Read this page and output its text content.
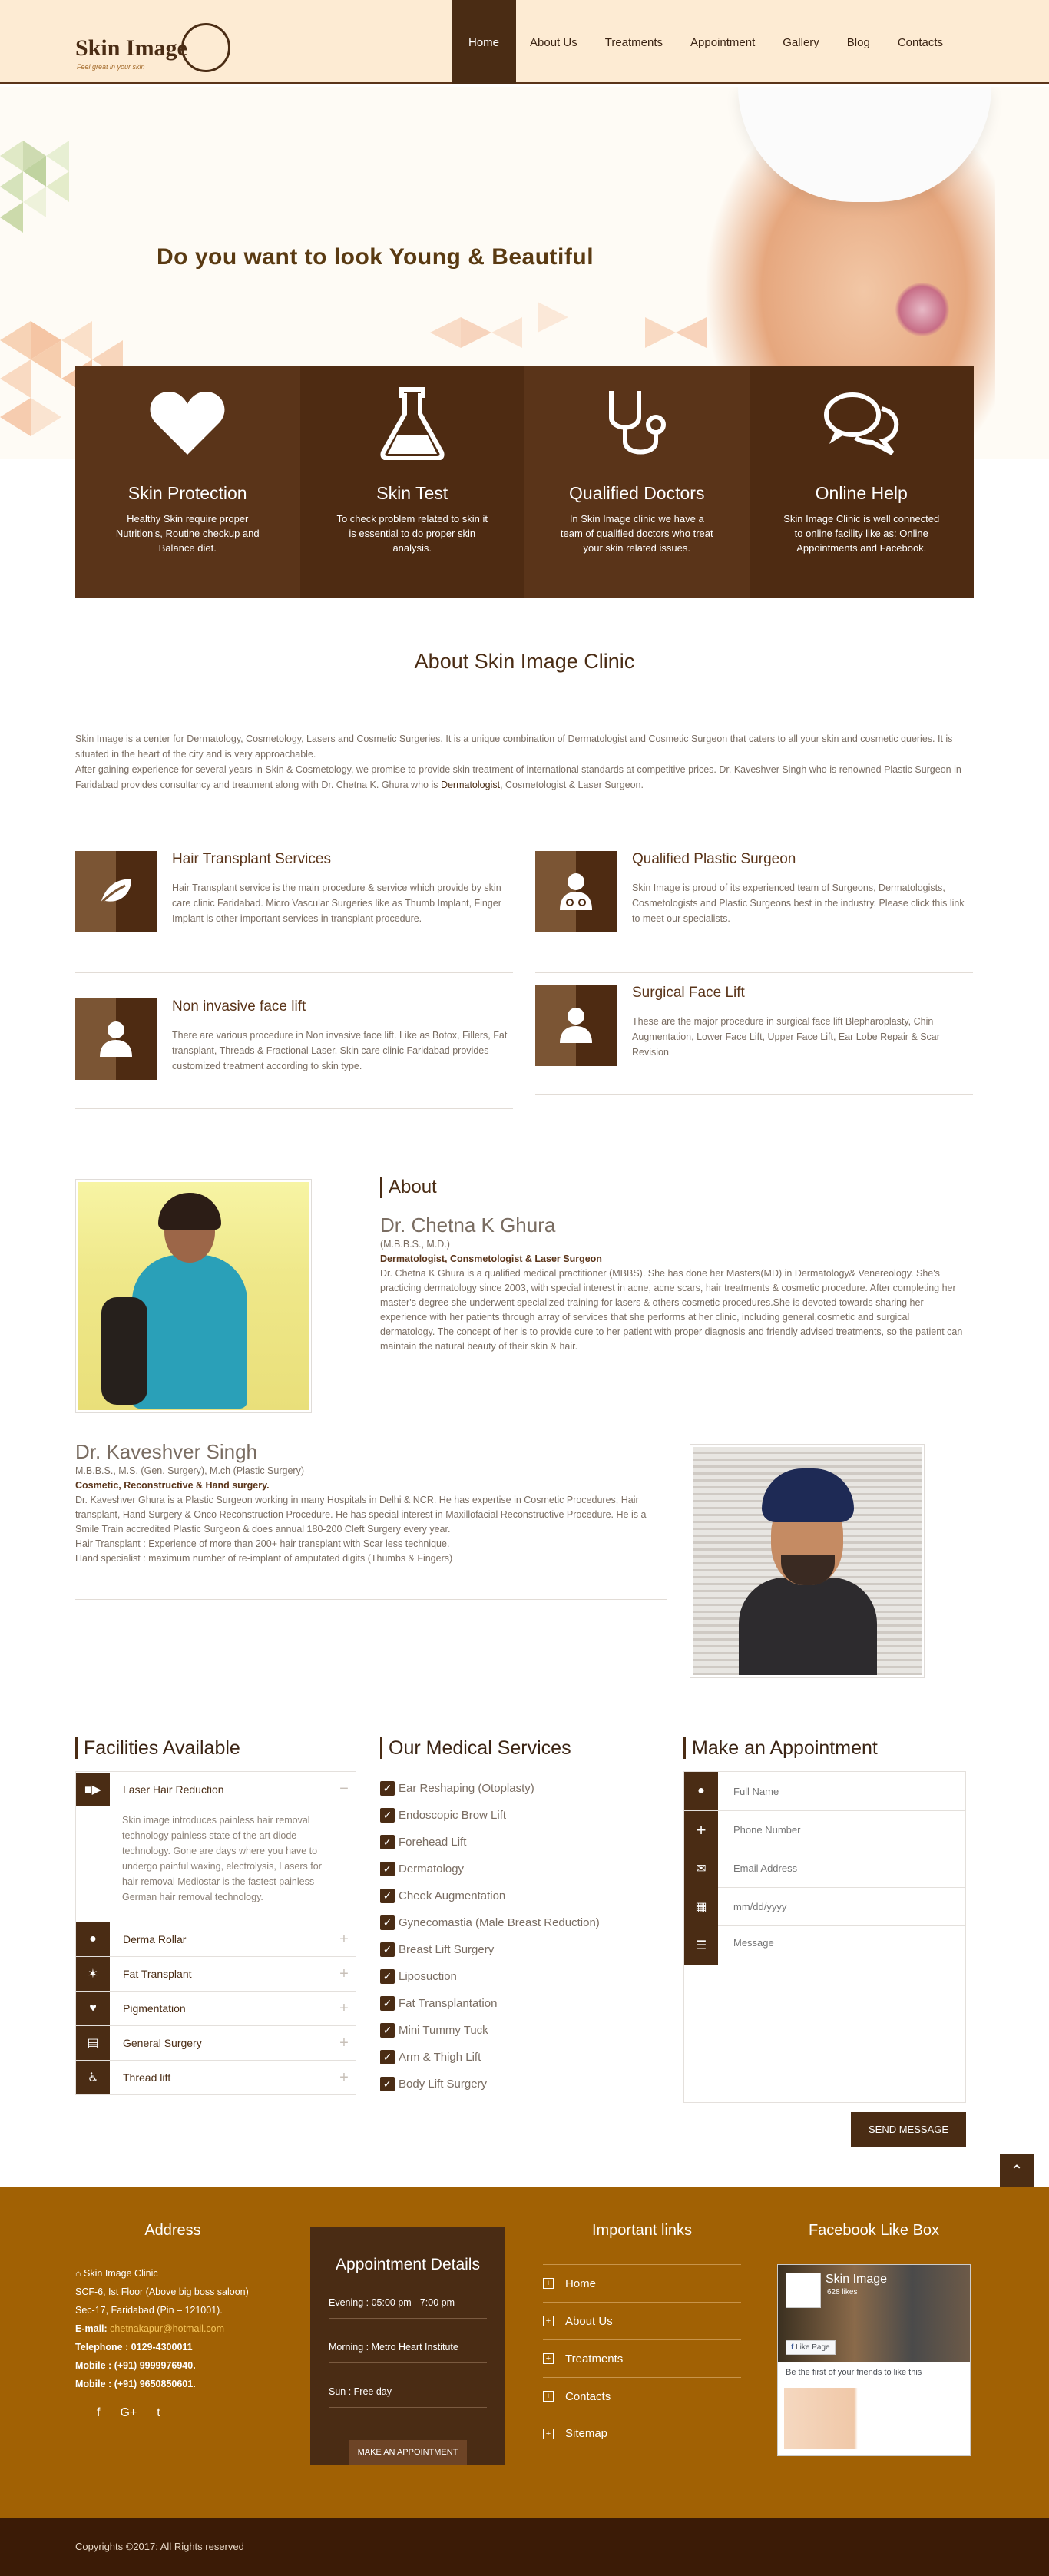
Skin Image
Feel great in your skin
Home	About Us	Treatments	Appointment	Gallery	Blog	Contacts
Do you want to look Young & Beautiful
Skin Protection

Healthy Skin require proper Nutrition's, Routine checkup and Balance diet.

Skin Test

To check problem related to skin it is essential to do proper skin analysis.

Qualified Doctors

In Skin Image clinic we have a team of qualified doctors who treat your skin related issues.

Online Help

Skin Image Clinic is well connected to online facility like as: Online Appointments and Facebook.

About Skin Image Clinic

Skin Image is a center for Dermatology, Cosmetology, Lasers and Cosmetic Surgeries. It is a unique combination of Dermatologist and Cosmetic Surgeon that caters to all your skin and cosmetic queries. It is situated in the heart of the city and is very approachable.

After gaining experience for several years in Skin & Cosmetology, we promise to provide skin treatment of international standards at competitive prices. Dr. Kaveshver Singh who is renowned Plastic Surgeon in Faridabad provides consultancy and treatment along with Dr. Chetna K. Ghura who is Dermatologist, Cosmetologist & Laser Surgeon.

Hair Transplant Services

Hair Transplant service is the main procedure & service which provide by skin care clinic Faridabad. Micro Vascular Surgeries like as Thumb Implant, Finger Implant is other important services in transplant procedure.

Qualified Plastic Surgeon

Skin Image is proud of its experienced team of Surgeons, Dermatologists, Cosmetologists and Plastic Surgeons best in the industry. Please click this link to meet our specialists.

Non invasive face lift

There are various procedure in Non invasive face lift. Like as Botox, Fillers, Fat transplant, Threads & Fractional Laser. Skin care clinic Faridabad provides customized treatment according to skin type.

Surgical Face Lift

These are the major procedure in surgical face lift Blepharoplasty, Chin Augmentation, Lower Face Lift, Upper Face Lift, Ear Lobe Repair & Scar Revision

About
Dr. Chetna K Ghura
(M.B.B.S., M.D.)
Dermatologist, Consmetologist & Laser Surgeon
Dr. Chetna K Ghura is a qualified medical practitioner (MBBS). She has done her Masters(MD) in Dermatology& Venereology. She's practicing dermatology since 2003, with special interest in acne, acne scars, hair treatments & cosmetic procedure. After completing her master's degree she underwent specialized training for lasers & others cosmetic procedures.She is devoted towards sharing her experience with her patients through array of services that she performs at her clinic, including general,cosmetic and surgical dermatology. The concept of her is to provide cure to her patient with proper diagnosis and friendly advised treatments, so the patient can maintain the natural beauty of their skin & hair.
Dr. Kaveshver Singh
M.B.B.S., M.S. (Gen. Surgery), M.ch (Plastic Surgery)
Cosmetic, Reconstructive & Hand surgery.
Dr. Kaveshver Ghura is a Plastic Surgeon working in many Hospitals in Delhi & NCR. He has expertise in Cosmetic Procedures, Hair transplant, Hand Surgery & Onco Reconstruction Procedure. He has special interest in Maxillofacial Reconstructive Procedure. He is a Smile Train accredited Plastic Surgeon & does annual 180-200 Cleft Surgery every year.
Hair Transplant : Experience of more than 200+ hair transplant with Scar less technique.
Hand specialist : maximum number of re-implant of amputated digits (Thumbs & Fingers)
Facilities Available
■▶	Laser Hair Reduction	−
Skin image introduces painless hair removal technology painless state of the art diode technology. Gone are days where you have to undergo painful waxing, electrolysis, Lasers for hair removal Mediostar is the fastest painless German hair removal technology.
●	Derma Rollar	+
✶	Fat Transplant	+
♥	Pigmentation	+
▤	General Surgery	+
♿	Thread lift	+
Our Medical Services
✓ Ear Reshaping (Otoplasty)
✓ Endoscopic Brow Lift
✓ Forehead Lift
✓ Dermatology
✓ Cheek Augmentation
✓ Gynecomastia (Male Breast Reduction)
✓ Breast Lift Surgery
✓ Liposuction
✓ Fat Transplantation
✓ Mini Tummy Tuck
✓ Arm & Thigh Lift
✓ Body Lift Surgery
Make an Appointment
●
Full Name
+
Phone Number
✉
Email Address
▦
mm/dd/yyyy
☰
Message
SEND MESSAGE
⌃
Address
⌂ Skin Image Clinic
SCF-6, Ist Floor (Above big boss saloon)
Sec-17, Faridabad (Pin – 121001).
E-mail: chetnakapur@hotmail.com
Telephone : 0129-4300011
Mobile : (+91) 9999976940.
Mobile : (+91) 9650850601.
f G+ t
Appointment Details
Evening : 05:00 pm - 7:00 pm
Morning : Metro Heart Institute
Sun : Free day
MAKE AN APPOINTMENT
Important links
+ Home
+ About Us
+ Treatments
+ Contacts
+ Sitemap
Facebook Like Box
Skin Image
628 likes
f Like Page
Be the first of your friends to like this
Copyrights ©2017: All Rights reserved
